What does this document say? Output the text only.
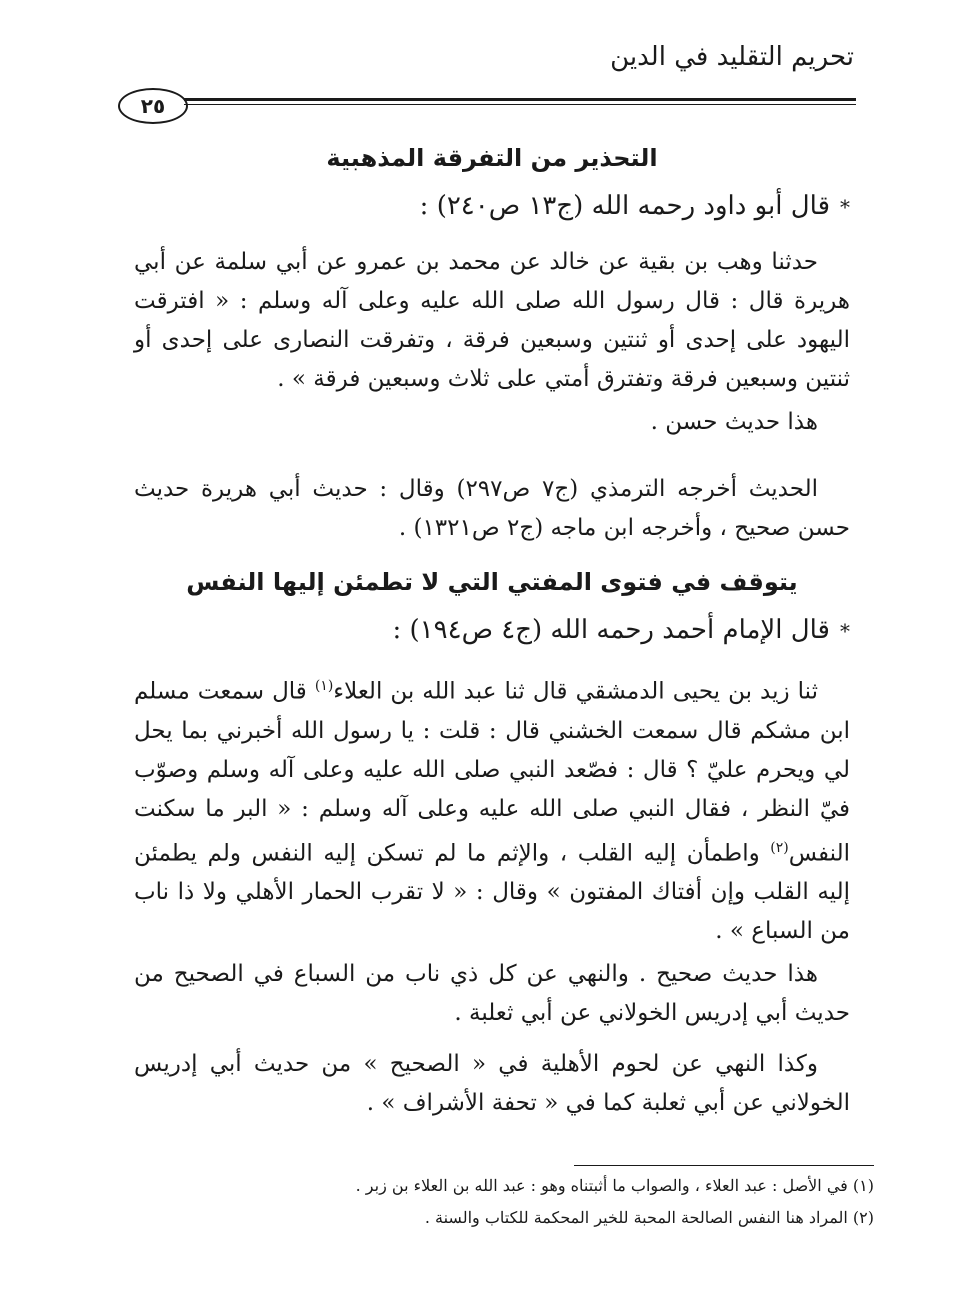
تحريم التقليد في الدين
٢٥
التحذير من التفرقة المذهبية

*قال أبو داود رحمه الله (ج١٣ ص٢٤٠) :

حدثنا وهب بن بقية عن خالد عن محمد بن عمرو عن أبي سلمة عن أبي هريرة قال : قال رسول الله صلى الله عليه وعلى آله وسلم : « افترقت اليهود على إحدى أو ثنتين وسبعين فرقة ، وتفرقت النصارى على إحدى أو ثنتين وسبعين فرقة وتفترق أمتي على ثلاث وسبعين فرقة » .

هذا حديث حسن .

الحديث أخرجه الترمذي (ج٧ ص٢٩٧) وقال : حديث أبي هريرة حديث حسن صحيح ، وأخرجه ابن ماجه (ج٢ ص١٣٢١) .

يتوقف في فتوى المفتي التي لا تطمئن إليها النفس

*قال الإمام أحمد رحمه الله (ج٤ ص١٩٤) :

ثنا زيد بن يحيى الدمشقي قال ثنا عبد الله بن العلاء$^{(١)}$ قال سمعت مسلم ابن مشكم قال سمعت الخشني قال : قلت : يا رسول الله أخبرني بما يحل لي ويحرم عليّ ؟ قال : فصّعد النبي صلى الله عليه وعلى آله وسلم وصوّب فيّ النظر ، فقال النبي صلى الله عليه وعلى آله وسلم : « البر ما سكنت النفس$^{(٢)}$ واطمأن إليه القلب ، والإثم ما لم تسكن إليه النفس ولم يطمئن إليه القلب وإن أفتاك المفتون » وقال : « لا تقرب الحمار الأهلي ولا ذا ناب من السباع » .

هذا حديث صحيح . والنهي عن كل ذي ناب من السباع في الصحيح من حديث أبي إدريس الخولاني عن أبي ثعلبة .

وكذا النهي عن لحوم الأهلية في « الصحيح » من حديث أبي إدريس الخولاني عن أبي ثعلبة كما في « تحفة الأشراف » .

(١) في الأصل : عبد العلاء ، والصواب ما أثبتناه وهو : عبد الله بن العلاء بن زبر .

(٢) المراد هنا النفس الصالحة المحبة للخير المحكمة للكتاب والسنة .
